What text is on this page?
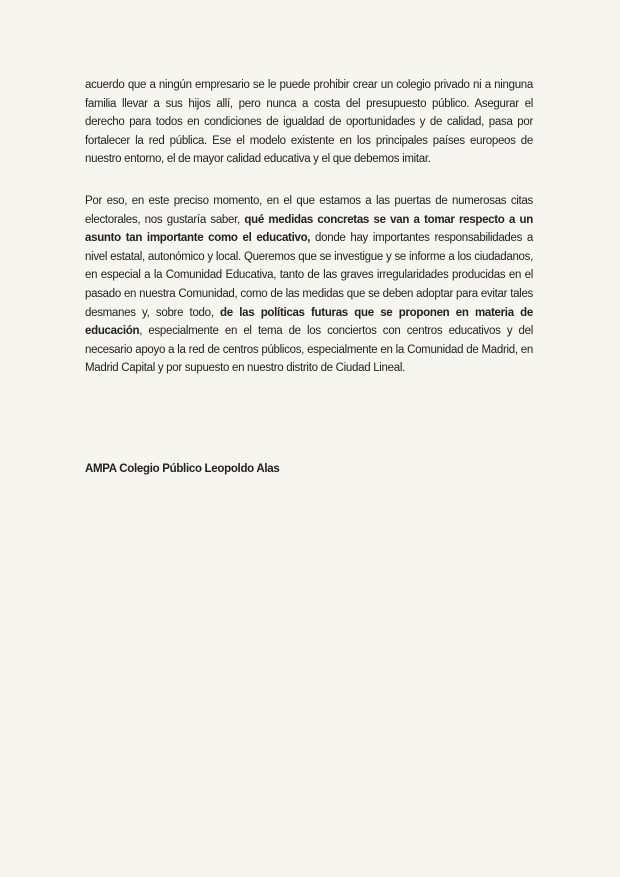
acuerdo que a ningún empresario se le puede prohibir crear un colegio privado ni a ninguna familia llevar a sus hijos allí, pero nunca a costa del presupuesto público. Asegurar el derecho para todos en condiciones de igualdad de oportunidades y de calidad, pasa por fortalecer la red pública. Ese el modelo existente en los principales países europeos de nuestro entorno, el de mayor calidad educativa y el que debemos imitar.

Por eso, en este preciso momento, en el que estamos a las puertas de numerosas citas electorales, nos gustaría saber, qué medidas concretas se van a tomar respecto a un asunto tan importante como el educativo, donde hay importantes responsabilidades a nivel estatal, autonómico y local. Queremos que se investigue y se informe a los ciudadanos, en especial a la Comunidad Educativa, tanto de las graves irregularidades producidas en el pasado en nuestra Comunidad, como de las medidas que se deben adoptar para evitar tales desmanes y, sobre todo, de las políticas futuras que se proponen en materia de educación, especialmente en el tema de los conciertos con centros educativos y del necesario apoyo a la red de centros públicos, especialmente en la Comunidad de Madrid, en Madrid Capital y por supuesto en nuestro distrito de Ciudad Lineal.

AMPA Colegio Público Leopoldo Alas
